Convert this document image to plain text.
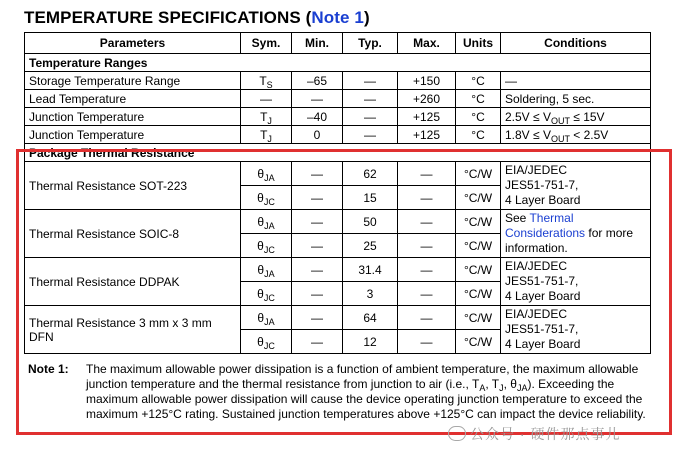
TEMPERATURE SPECIFICATIONS (Note 1)
Parameters	Sym.	Min.	Typ.	Max.	Units	Conditions
Temperature Ranges						
Storage Temperature Range	$T_S$	–65	—	+150	°C	—
Lead Temperature	—	—	—	+260	°C	Soldering, 5 sec.
Junction Temperature	$T_J$	–40	—	+125	°C	$2.5V \le V_{OUT} \le 15V$
Junction Temperature	$T_J$	0	—	+125	°C	$1.8V \le V_{OUT} < 2.5V$
Package Thermal Resistance						
Thermal Resistance SOT-223	$\theta_{JA}$	—	62	—	°C/W	EIA/JEDEC
JES51-751-7,
4 Layer Board
	$\theta_{JC}$	—	15	—	°C/W	
Thermal Resistance SOIC-8	$\theta_{JA}$	—	50	—	°C/W	See Thermal
Considerations for more
information.
	$\theta_{JC}$	—	25	—	°C/W	
Thermal Resistance DDPAK	$\theta_{JA}$	—	31.4	—	°C/W	EIA/JEDEC
JES51-751-7,
4 Layer Board
	$\theta_{JC}$	—	3	—	°C/W	
Thermal Resistance 3 mm x 3 mm
DFN	$\theta_{JA}$	—	64	—	°C/W	EIA/JEDEC
JES51-751-7,
4 Layer Board
	$\theta_{JC}$	—	12	—	°C/W	
Note 1: The maximum allowable power dissipation is a function of ambient temperature, the maximum allowable junction temperature and the thermal resistance from junction to air (i.e., $T_A$, $T_J$, $\theta_{JA}$). Exceeding the maximum allowable power dissipation will cause the device operating junction temperature to exceed the maximum +125°C rating. Sustained junction temperatures above +125°C can impact the device reliability.
公众号 · 硬件那点事儿
